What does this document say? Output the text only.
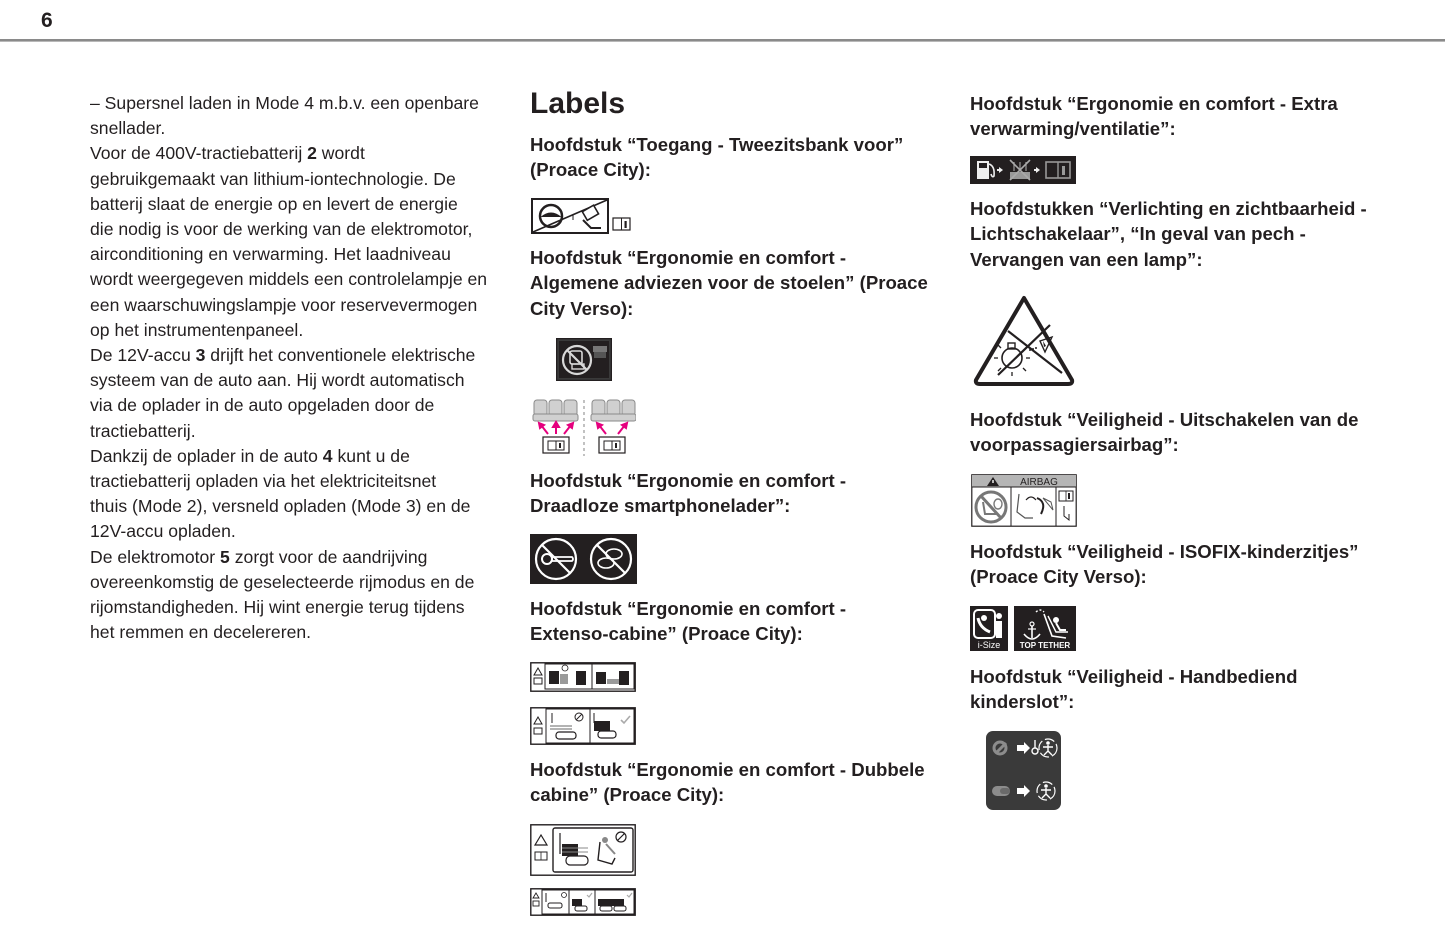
6
– Supersnel laden in Mode 4 m.b.v. een openbare
snellader.
Voor de 400V-tractiebatterij 2 wordt
gebruikgemaakt van lithium-iontechnologie. De
batterij slaat de energie op en levert de energie
die nodig is voor de werking van de elektromotor,
airconditioning en verwarming. Het laadniveau
wordt weergegeven middels een controlelampje en
een waarschuwingslampje voor reservevermogen
op het instrumentenpaneel.
De 12V-accu 3 drijft het conventionele elektrische
systeem van de auto aan. Hij wordt automatisch
via de oplader in de auto opgeladen door de
tractiebatterij.
Dankzij de oplader in de auto 4 kunt u de
tractiebatterij opladen via het elektriciteitsnet
thuis (Mode 2), versneld opladen (Mode 3) en de
12V-accu opladen.
De elektromotor 5 zorgt voor de aandrijving
overeenkomstig de geselecteerde rijmodus en de
rijomstandigheden. Hij wint energie terug tijdens
het remmen en decelereren.
Labels
Hoofdstuk “Toegang - Tweezitsbank voor”
(Proace City):
Hoofdstuk “Ergonomie en comfort -
Algemene adviezen voor de stoelen” (Proace
City Verso):
Hoofdstuk “Ergonomie en comfort -
Draadloze smartphonelader”:
Hoofdstuk “Ergonomie en comfort -
Extenso-cabine” (Proace City):
Hoofdstuk “Ergonomie en comfort - Dubbele
cabine” (Proace City):
Hoofdstuk “Ergonomie en comfort - Extra
verwarming/ventilatie”:
Hoofdstukken “Verlichting en zichtbaarheid -
Lichtschakelaar”, “In geval van pech -
Vervangen van een lamp”:
Hoofdstuk “Veiligheid - Uitschakelen van de
voorpassagiersairbag”:
AIRBAG
Hoofdstuk “Veiligheid - ISOFIX-kinderzitjes”
(Proace City Verso):
i-Size TOP TETHER
Hoofdstuk “Veiligheid - Handbediend
kinderslot”:
